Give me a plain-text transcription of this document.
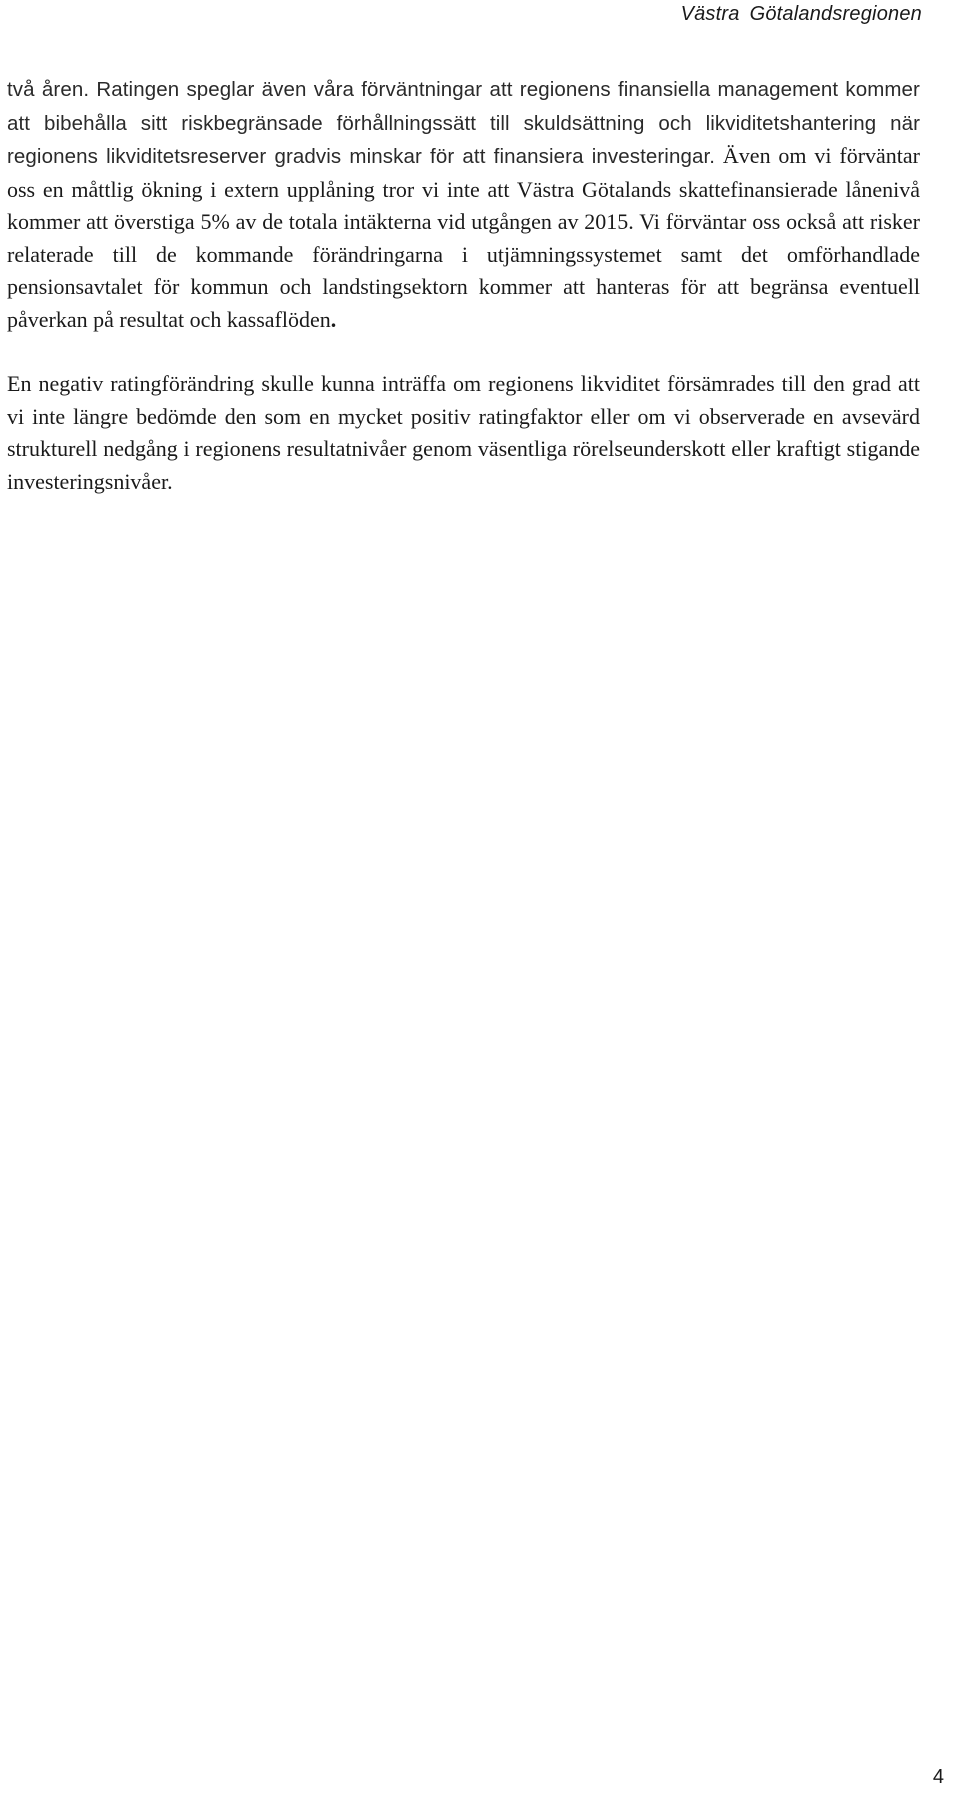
Västra Götalandsregionen

två åren. Ratingen speglar även våra förväntningar att regionens finansiella management kommer att bibehålla sitt riskbegränsade förhållningssätt till skuldsättning och likviditetshantering när regionens likviditetsreserver gradvis minskar för att finansiera investeringar. Även om vi förväntar oss en måttlig ökning i extern upplåning tror vi inte att Västra Götalands skattefinansierade lånenivå kommer att överstiga 5% av de totala intäkterna vid utgången av 2015. Vi förväntar oss också att risker relaterade till de kommande förändringarna i utjämningssystemet samt det omförhandlade pensionsavtalet för kommun och landstingsektorn kommer att hanteras för att begränsa eventuell påverkan på resultat och kassaflöden.

En negativ ratingförändring skulle kunna inträffa om regionens likviditet försämrades till den grad att vi inte längre bedömde den som en mycket positiv ratingfaktor eller om vi observerade en avsevärd strukturell nedgång i regionens resultatnivåer genom väsentliga rörelseunderskott eller kraftigt stigande investeringsnivåer.

4
